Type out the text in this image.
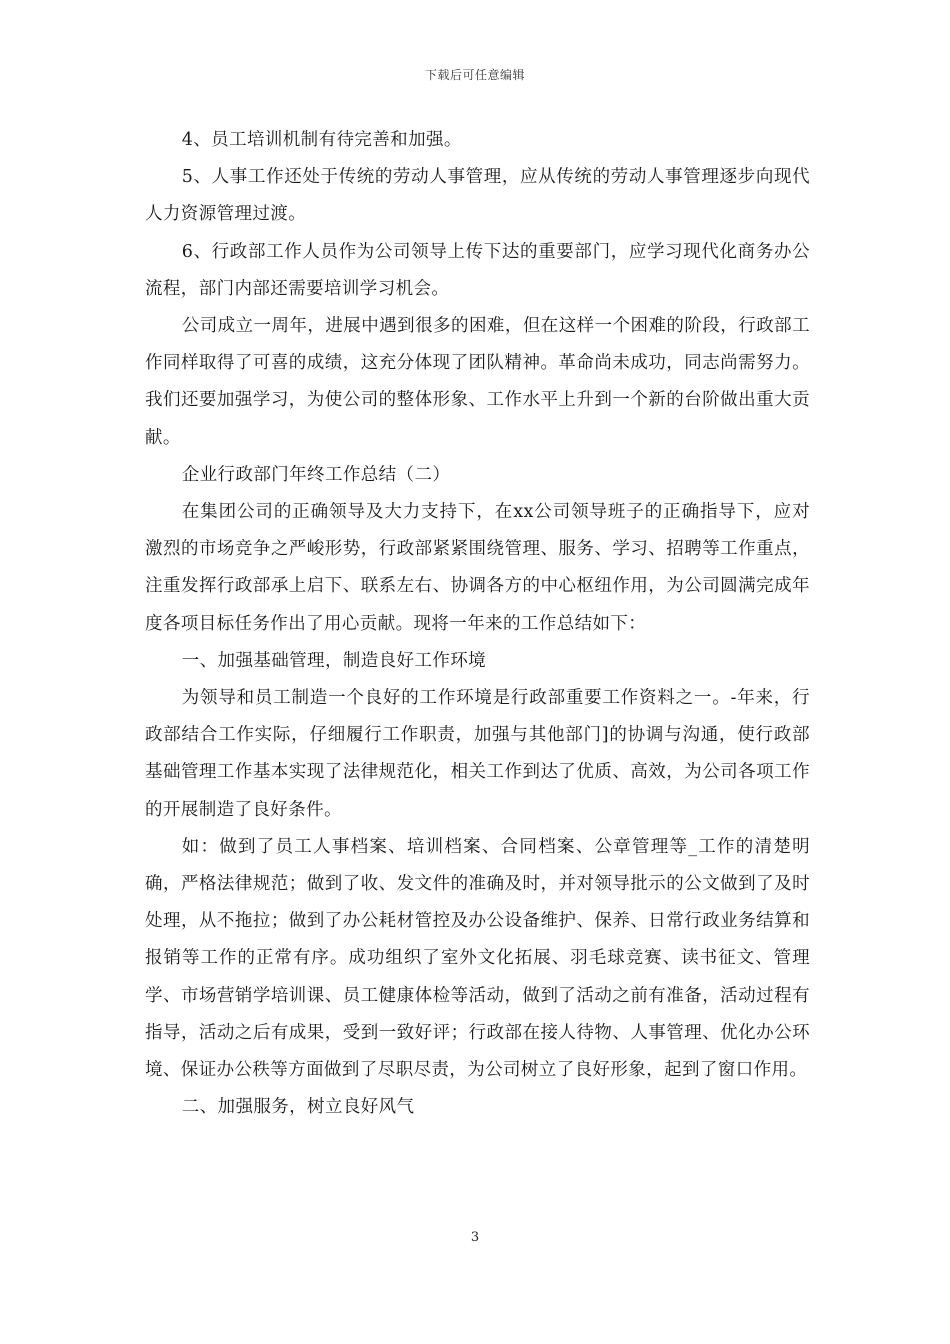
下载后可任意编辑

4、员工培训机制有待完善和加强。

5、人事工作还处于传统的劳动人事管理，应从传统的劳动人事管理逐步向现代人力资源管理过渡。

6、行政部工作人员作为公司领导上传下达的重要部门，应学习现代化商务办公流程，部门内部还需要培训学习机会。

公司成立一周年，进展中遇到很多的困难，但在这样一个困难的阶段，行政部工作同样取得了可喜的成绩，这充分体现了团队精神。革命尚未成功，同志尚需努力。我们还要加强学习，为使公司的整体形象、工作水平上升到一个新的台阶做出重大贡献。

企业行政部门年终工作总结（二）

在集团公司的正确领导及大力支持下，在xx公司领导班子的正确指导下，应对激烈的市场竞争之严峻形势，行政部紧紧围绕管理、服务、学习、招聘等工作重点，注重发挥行政部承上启下、联系左右、协调各方的中心枢纽作用，为公司圆满完成年度各项目标任务作出了用心贡献。现将一年来的工作总结如下：

一、加强基础管理，制造良好工作环境

为领导和员工制造一个良好的工作环境是行政部重要工作资料之一。-年来，行政部结合工作实际，仔细履行工作职责，加强与其他部门]的协调与沟通，使行政部基础管理工作基本实现了法律规范化，相关工作到达了优质、高效，为公司各项工作的开展制造了良好条件。

如：做到了员工人事档案、培训档案、合同档案、公章管理等_工作的清楚明确，严格法律规范；做到了收、发文件的准确及时，并对领导批示的公文做到了及时处理，从不拖拉；做到了办公耗材管控及办公设备维护、保养、日常行政业务结算和报销等工作的正常有序。成功组织了室外文化拓展、羽毛球竞赛、读书征文、管理学、市场营销学培训课、员工健康体检等活动，做到了活动之前有准备，活动过程有指导，活动之后有成果，受到一致好评；行政部在接人待物、人事管理、优化办公环境、保证办公秩等方面做到了尽职尽责，为公司树立了良好形象，起到了窗口作用。

二、加强服务，树立良好风气

3
